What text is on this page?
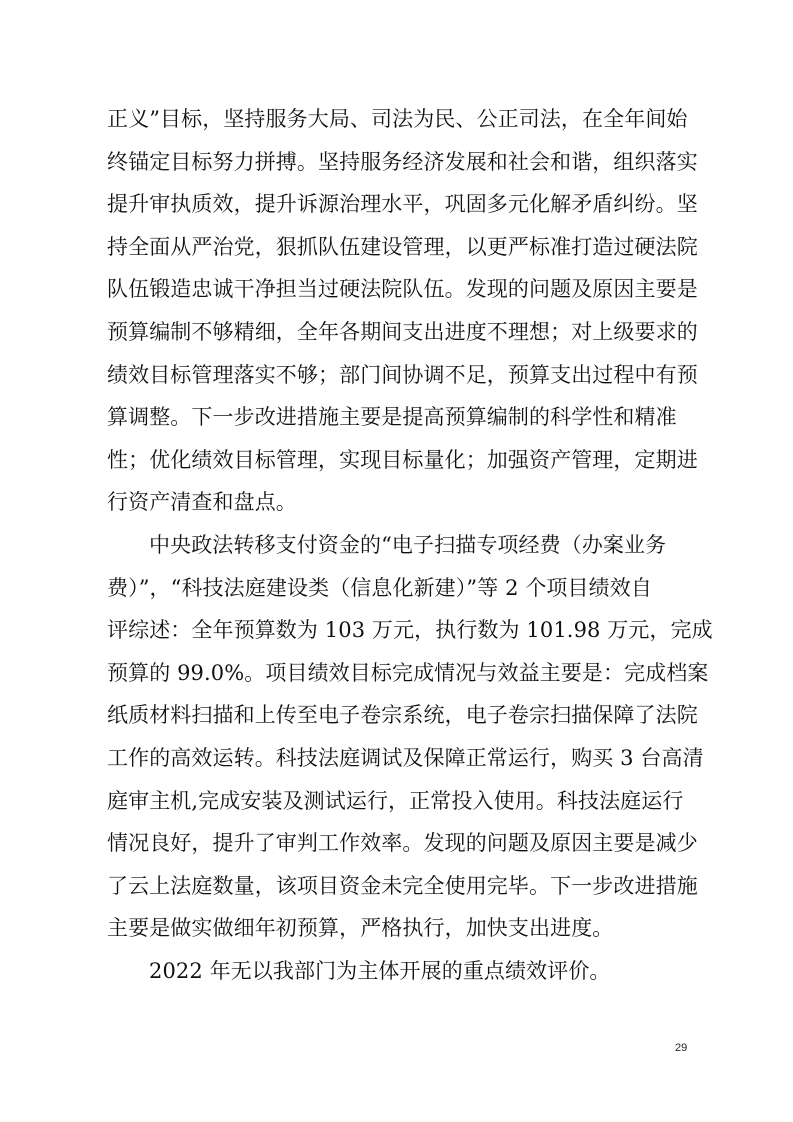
正义”目标，坚持服务大局、司法为民、公正司法，在全年间始
终锚定目标努力拼搏。坚持服务经济发展和社会和谐，组织落实
提升审执质效，提升诉源治理水平，巩固多元化解矛盾纠纷。坚
持全面从严治党，狠抓队伍建设管理，以更严标准打造过硬法院
队伍锻造忠诚干净担当过硬法院队伍。发现的问题及原因主要是
预算编制不够精细，全年各期间支出进度不理想；对上级要求的
绩效目标管理落实不够；部门间协调不足，预算支出过程中有预
算调整。下一步改进措施主要是提高预算编制的科学性和精准
性；优化绩效目标管理，实现目标量化；加强资产管理，定期进
行资产清查和盘点。
中央政法转移支付资金的“电子扫描专项经费（办案业务
费）”，“科技法庭建设类（信息化新建）”等 2 个项目绩效自
评综述：全年预算数为 103 万元，执行数为 101.98 万元，完成
预算的 99.0%。项目绩效目标完成情况与效益主要是：完成档案
纸质材料扫描和上传至电子卷宗系统，电子卷宗扫描保障了法院
工作的高效运转。科技法庭调试及保障正常运行，购买 3 台高清
庭审主机,完成安装及测试运行，正常投入使用。科技法庭运行
情况良好，提升了审判工作效率。发现的问题及原因主要是减少
了云上法庭数量，该项目资金未完全使用完毕。下一步改进措施
主要是做实做细年初预算，严格执行，加快支出进度。
2022 年无以我部门为主体开展的重点绩效评价。
29
